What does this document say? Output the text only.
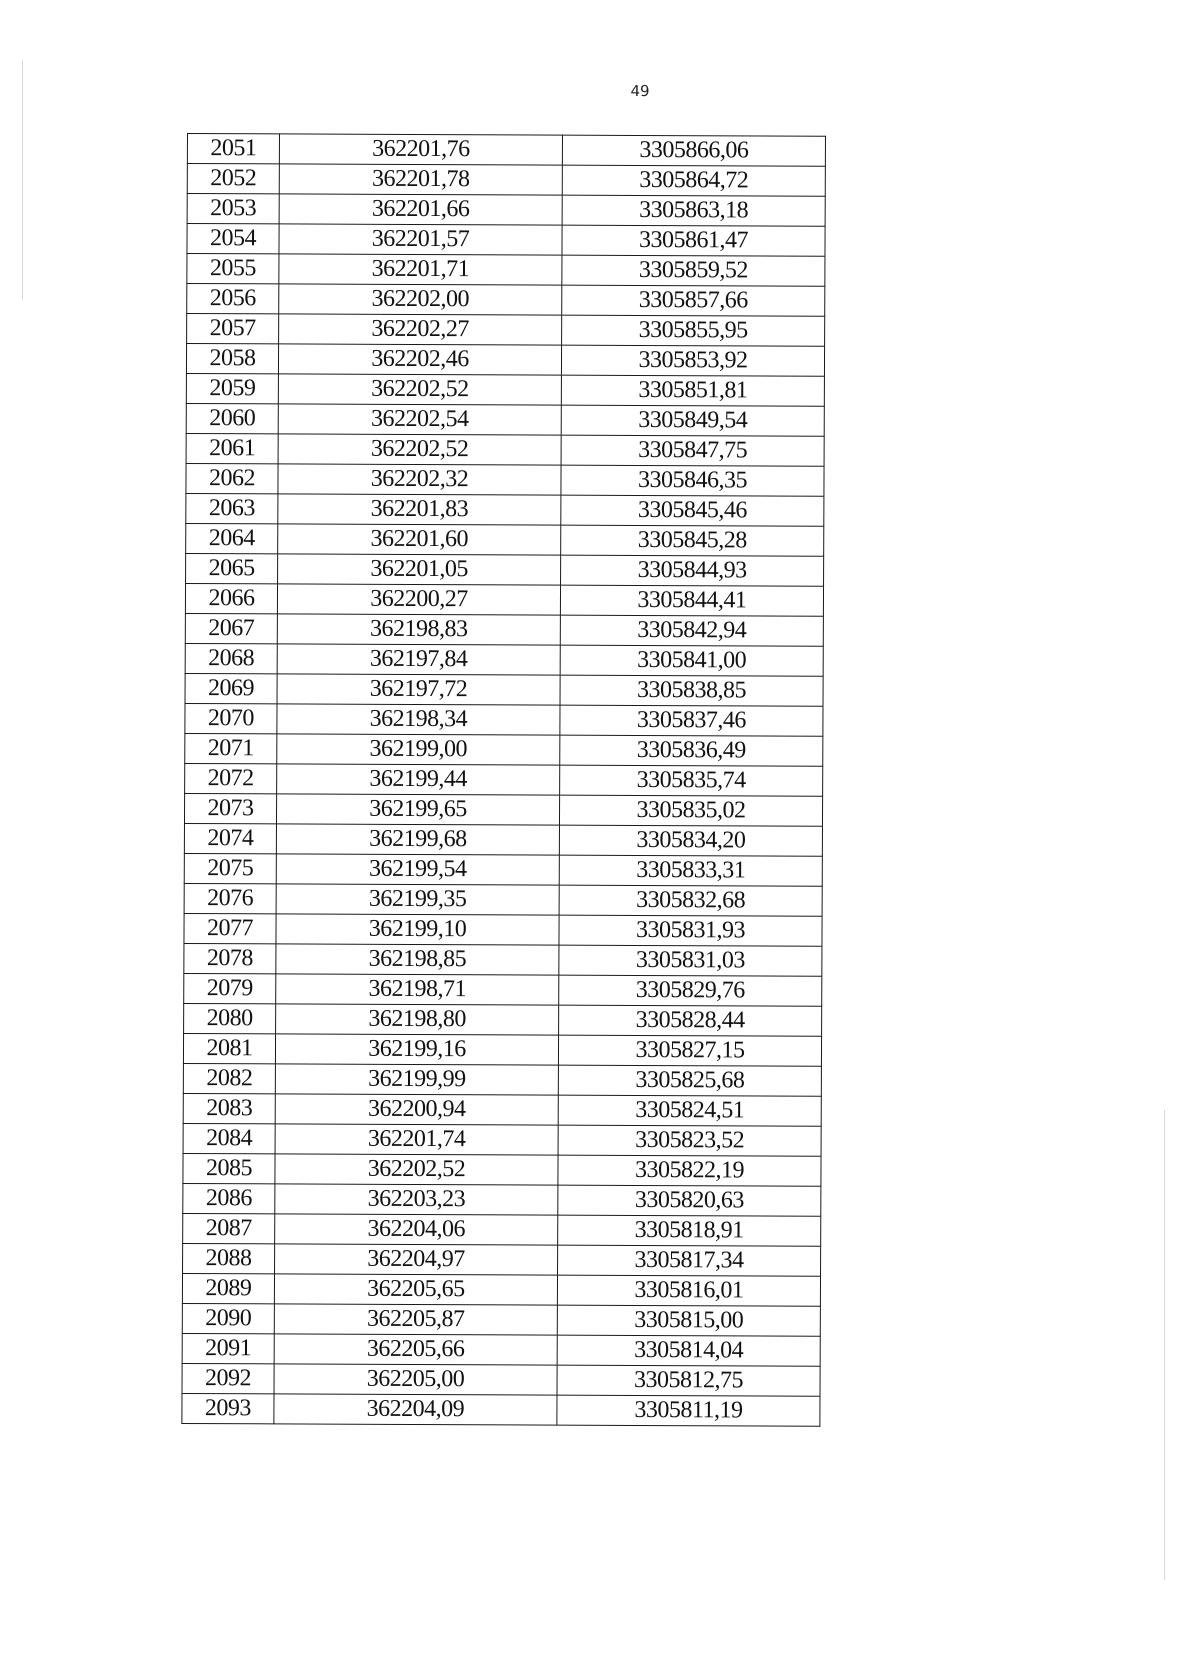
49
2051	362201,76	3305866,06
2052	362201,78	3305864,72
2053	362201,66	3305863,18
2054	362201,57	3305861,47
2055	362201,71	3305859,52
2056	362202,00	3305857,66
2057	362202,27	3305855,95
2058	362202,46	3305853,92
2059	362202,52	3305851,81
2060	362202,54	3305849,54
2061	362202,52	3305847,75
2062	362202,32	3305846,35
2063	362201,83	3305845,46
2064	362201,60	3305845,28
2065	362201,05	3305844,93
2066	362200,27	3305844,41
2067	362198,83	3305842,94
2068	362197,84	3305841,00
2069	362197,72	3305838,85
2070	362198,34	3305837,46
2071	362199,00	3305836,49
2072	362199,44	3305835,74
2073	362199,65	3305835,02
2074	362199,68	3305834,20
2075	362199,54	3305833,31
2076	362199,35	3305832,68
2077	362199,10	3305831,93
2078	362198,85	3305831,03
2079	362198,71	3305829,76
2080	362198,80	3305828,44
2081	362199,16	3305827,15
2082	362199,99	3305825,68
2083	362200,94	3305824,51
2084	362201,74	3305823,52
2085	362202,52	3305822,19
2086	362203,23	3305820,63
2087	362204,06	3305818,91
2088	362204,97	3305817,34
2089	362205,65	3305816,01
2090	362205,87	3305815,00
2091	362205,66	3305814,04
2092	362205,00	3305812,75
2093	362204,09	3305811,19
